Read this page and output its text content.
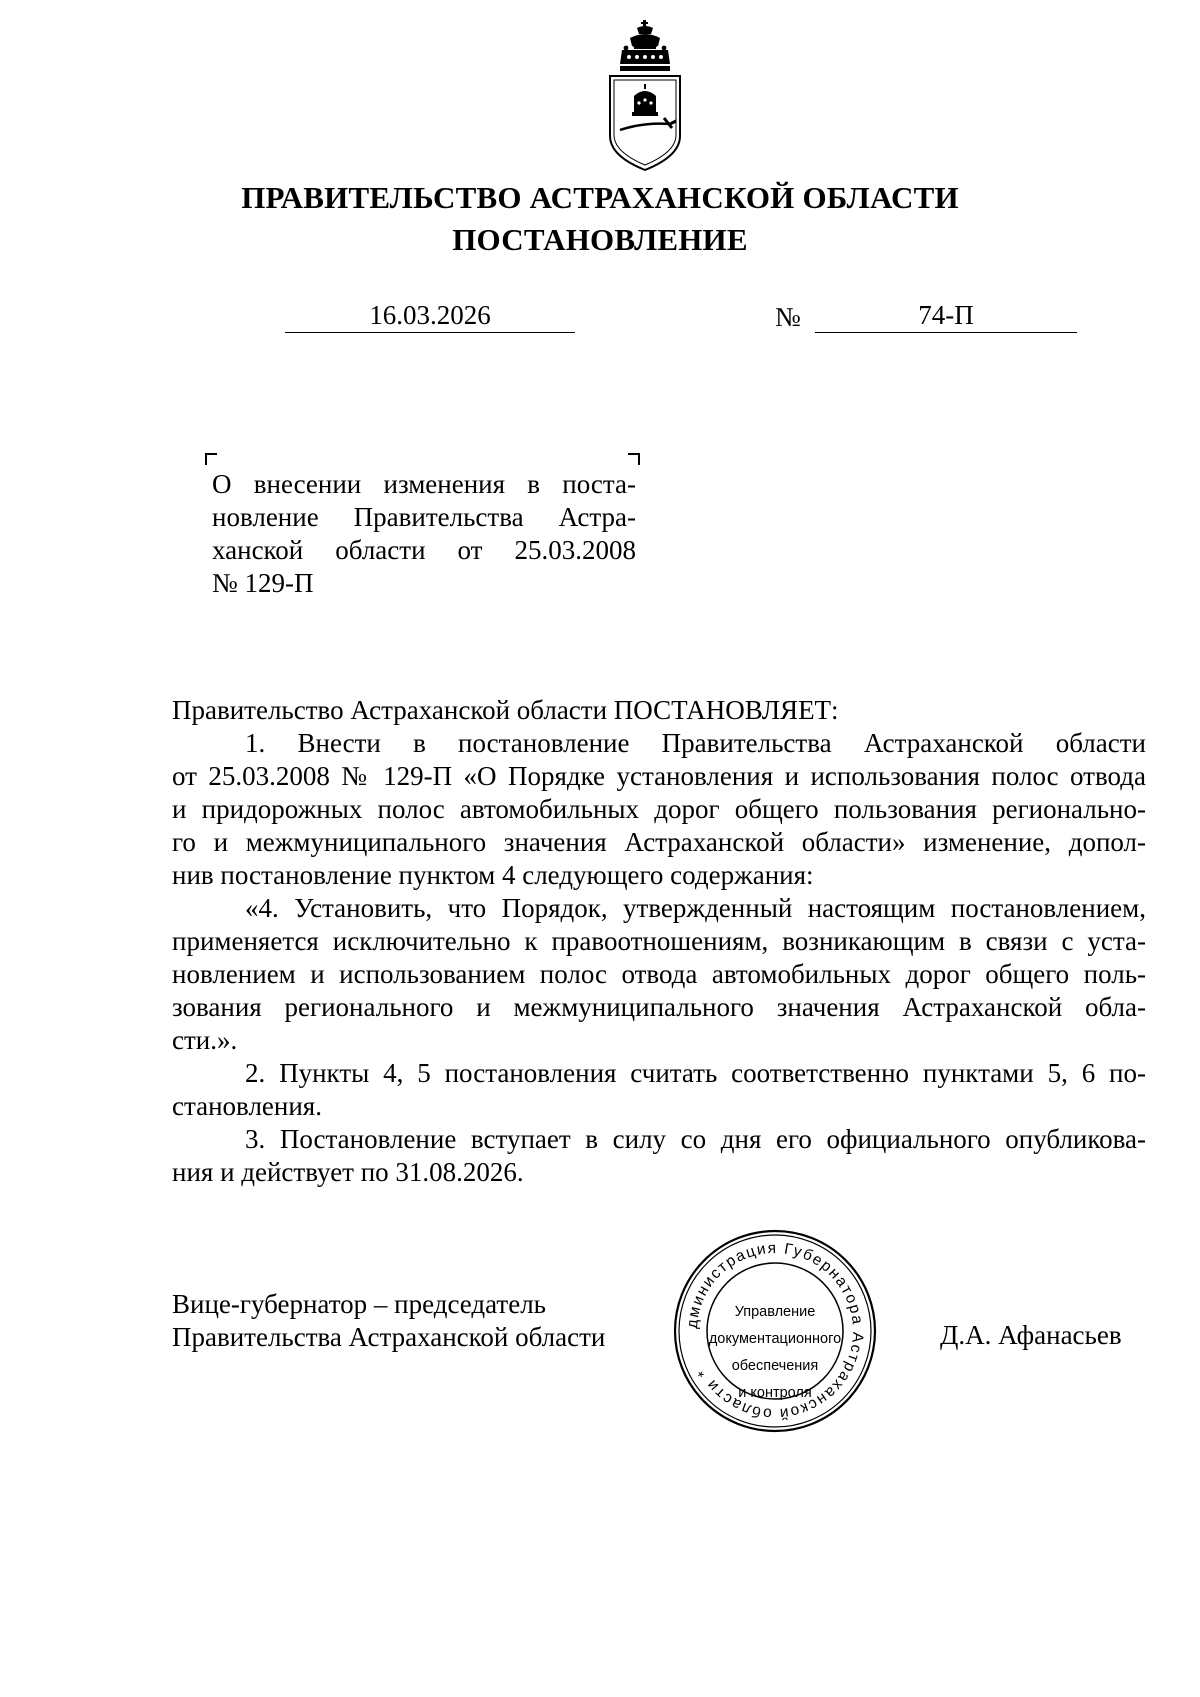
ПРАВИТЕЛЬСТВО АСТРАХАНСКОЙ ОБЛАСТИ
ПОСТАНОВЛЕНИЕ
16.03.2026	№	74-П
О внесении изменения в поста-
новление Правительства Астра-
ханской области от 25.03.2008
№ 129-П
Правительство Астраханской области ПОСТАНОВЛЯЕТ:
1. Внести в постановление Правительства Астраханской области
от 25.03.2008 № 129-П «О Порядке установления и использования полос отвода
и придорожных полос автомобильных дорог общего пользования регионально-
го и межмуниципального значения Астраханской области» изменение, допол-
нив постановление пунктом 4 следующего содержания:
«4. Установить, что Порядок, утвержденный настоящим постановлением,
применяется исключительно к правоотношениям, возникающим в связи с уста-
новлением и использованием полос отвода автомобильных дорог общего поль-
зования регионального и межмуниципального значения Астраханской обла-
сти.».
2. Пункты 4, 5 постановления считать соответственно пунктами 5, 6 по-
становления.
3. Постановление вступает в силу со дня его официального опубликова-
ния и действует по 31.08.2026.
Вице-губернатор – председатель
Правительства Астраханской области	Д.А. Афанасьев
дминистрация Губернатора Астраханской области *
Управление
документационного
обеспечения
и контроля
